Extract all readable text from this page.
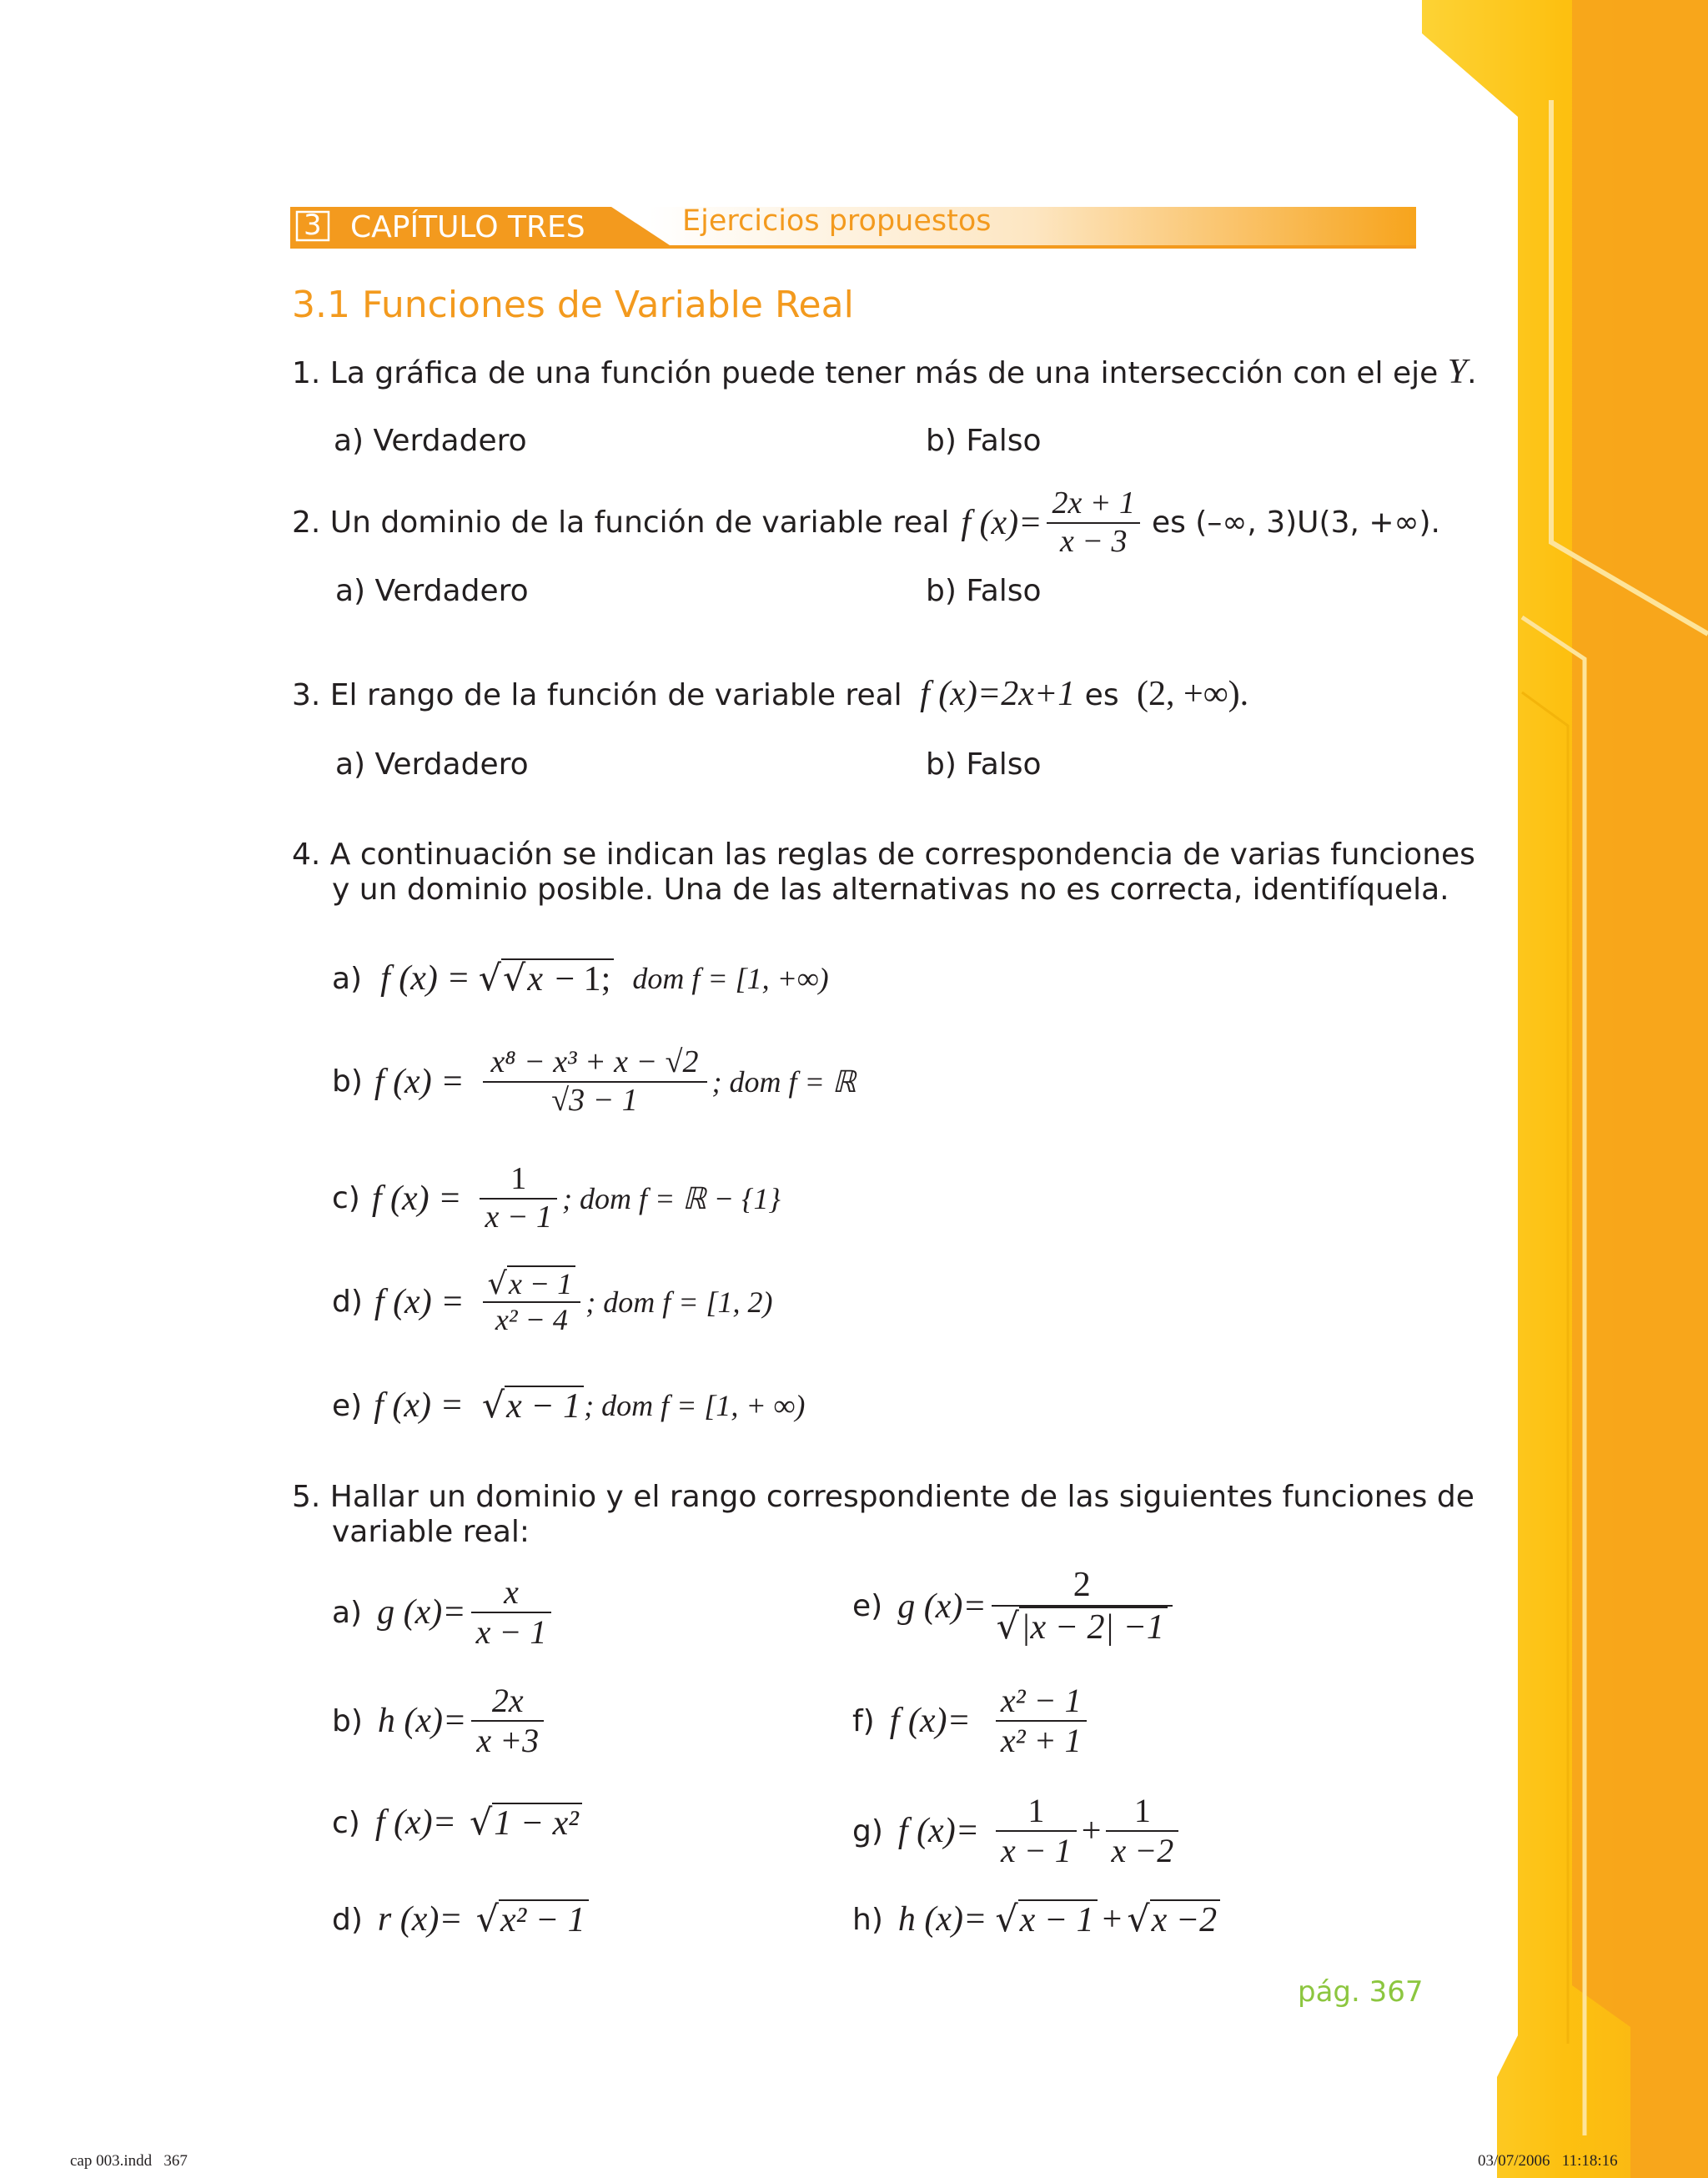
3 CAPÍTULO TRES	Ejercicios propuestos
3.1 Funciones de Variable Real
1. La gráfica de una función puede tener más de una intersección con el eje Y.
a) Verdadero	b) Falso
2. Un dominio de la función de variable real f $(x)= \frac{2x + 1}{x - 3}$ es (–∞, 3)U(3, +∞).
a) Verdadero	b) Falso
3. El rango de la función de variable real f (x)=2x+1 es (2, +∞).
a) Verdadero	b) Falso
4. A continuación se indican las reglas de correspondencia de varias funciones
y un dominio posible. Una de las alternativas no es correcta, identifíquela.
a) f (x) = √√x − 1; dom f = [1, +∞)
b) f $(x) = \frac{\text{x⁸ − x³ + x − √2}}{√3 - 1}$ ; dom f = ℝ
c) f $(x) = \frac{1}{x - 1}$ ; dom f = ℝ − {1}
d) f $(x) = \frac{√x - 1}{\text{x² − 4}}$ ; dom f = [1, 2)
e) f (x) = √x − 1 ; dom f = [1, + ∞)
5. Hallar un dominio y el rango correspondiente de las siguientes funciones de
variable real:
a) g $(x)= \frac{x}{x - 1}$
b) h $(x)= \frac{2x}{x +3}$
c) f (x)= √1 − x²
d) r (x)= √x² − 1
e) g $(x)= \frac{2}{√|x - 2| -1}$
f) f $(x)= \frac{\text{x² − 1}}{\text{x² + 1}}$
g) f $(x)= \frac{1}{x - 1} + \frac{1}{x -2}$
h) h (x)= √x − 1 + √x −2
pág. 367
cap 003.indd   367	03/07/2006   11:18:16
